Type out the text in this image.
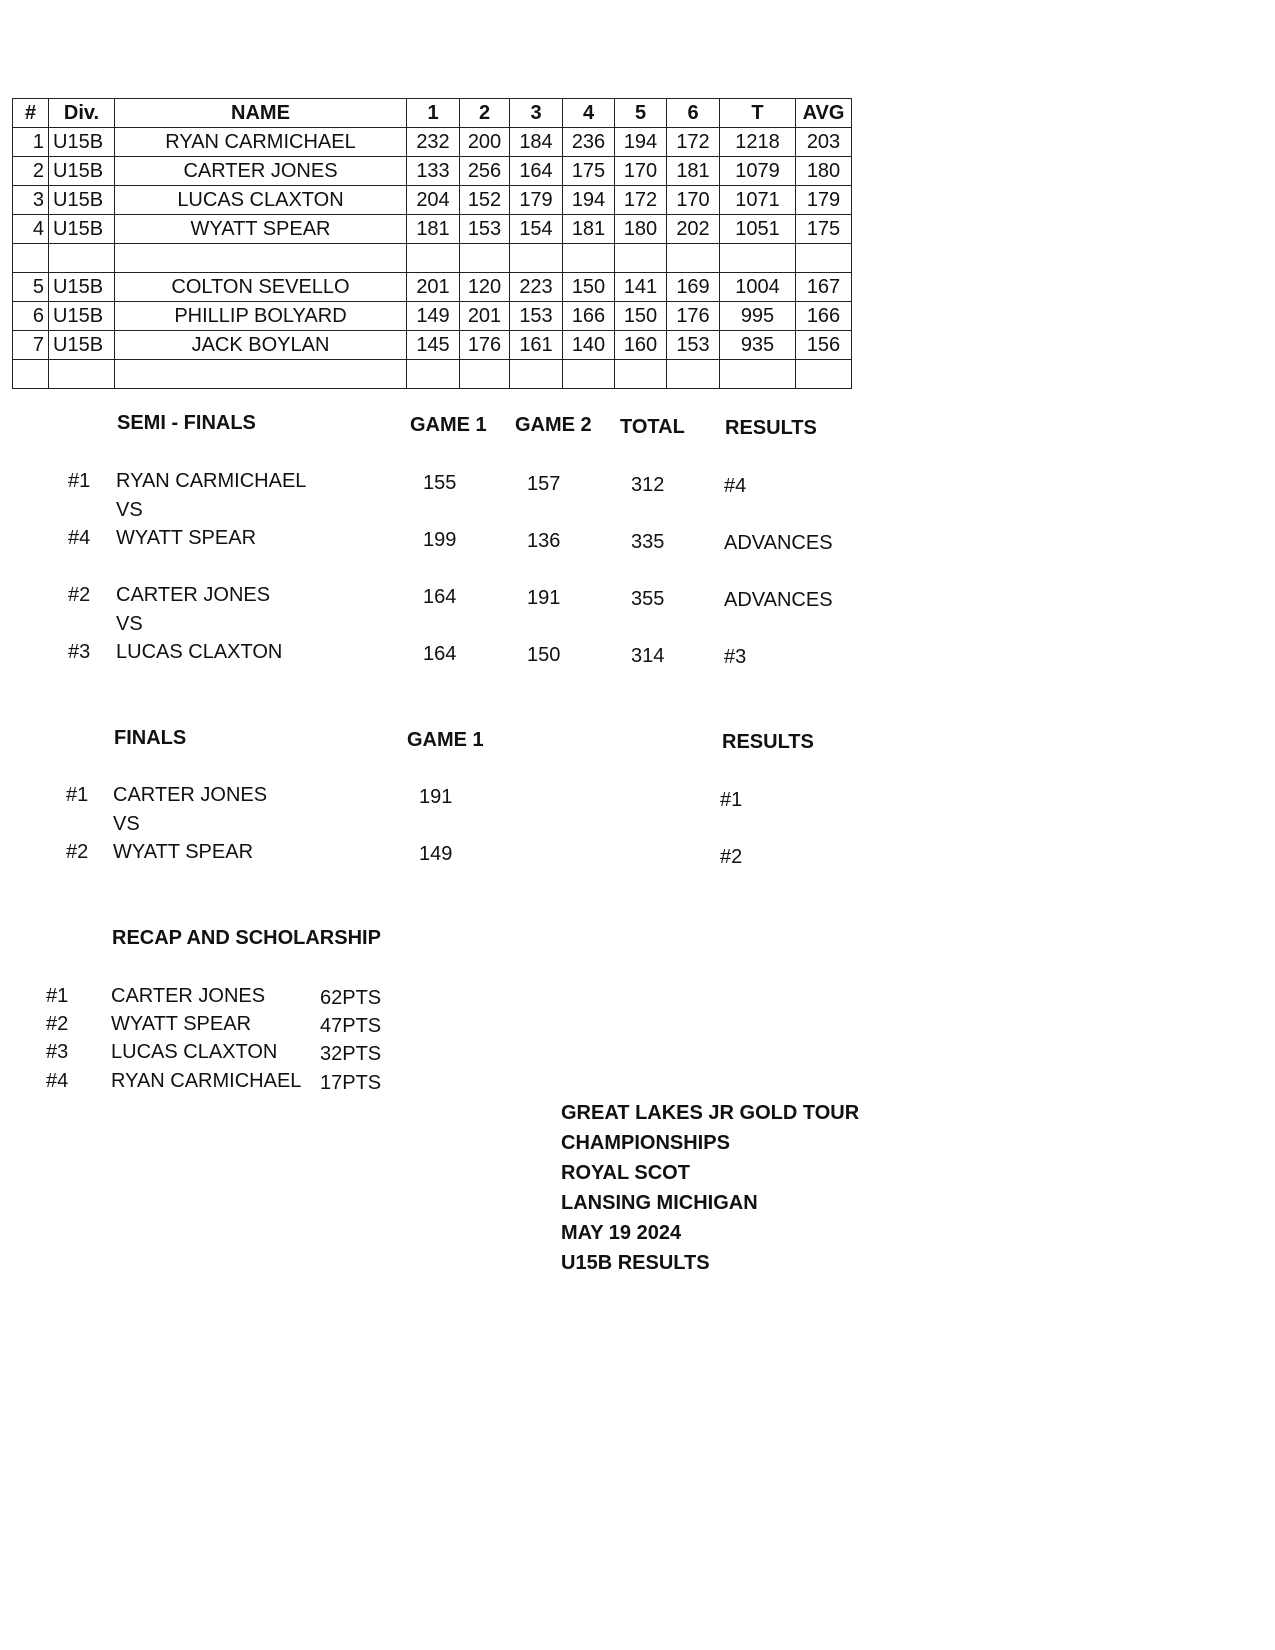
#	Div.	NAME	1	2	3	4	5	6	T	AVG
1	U15B	RYAN CARMICHAEL	232	200	184	236	194	172	1218	203
2	U15B	CARTER JONES	133	256	164	175	170	181	1079	180
3	U15B	LUCAS CLAXTON	204	152	179	194	172	170	1071	179
4	U15B	WYATT SPEAR	181	153	154	181	180	202	1051	175

5	U15B	COLTON SEVELLO	201	120	223	150	141	169	1004	167
6	U15B	PHILLIP BOLYARD	149	201	153	166	150	176	995	166
7	U15B	JACK BOYLAN	145	176	161	140	160	153	935	156

SEMI - FINALS	GAME 1 GAME 2 TOTAL RESULTS
#1 RYAN CARMICHAEL	155	157	312	#4
#4 WYATT SPEAR	199	136	335	ADVANCES
VS
#2 CARTER JONES	164	191	355	ADVANCES
#3 LUCAS CLAXTON	164	150	314	#3
VS
FINALS	GAME 1	RESULTS
#1 CARTER JONES	191	#1
#2 WYATT SPEAR	149	#2
VS
RECAP AND SCHOLARSHIP
#1 CARTER JONES	62PTS
#2 WYATT SPEAR	47PTS
#3 LUCAS CLAXTON 32PTS
#4 RYAN CARMICHAEL 17PTS
GREAT LAKES JR GOLD TOUR
CHAMPIONSHIPS
ROYAL SCOT
LANSING MICHIGAN
MAY 19 2024
U15B RESULTS
